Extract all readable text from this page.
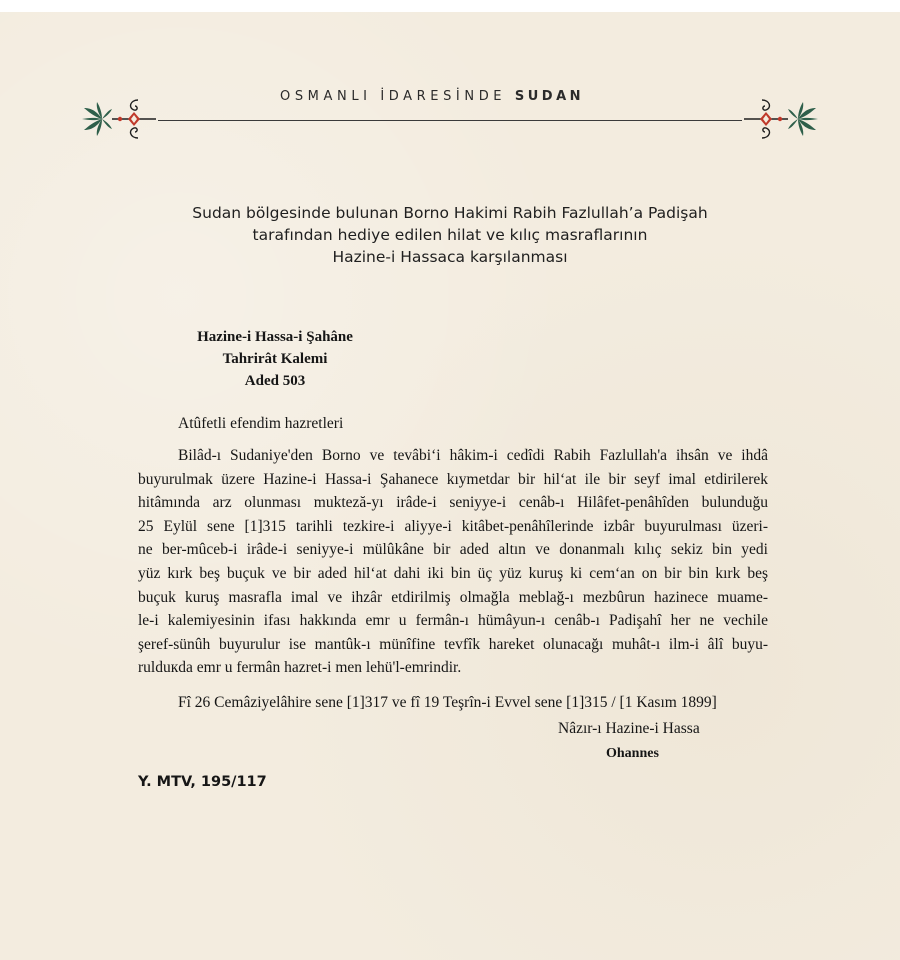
OSMANLI İDARESİNDE SUDAN
Sudan bölgesinde bulunan Borno Hakimi Rabih Fazlullah’a Padişah
tarafından hediye edilen hilat ve kılıç masraflarının
Hazine-i Hassaca karşılanması
Hazine-i Hassa-i Şahâne
Tahrirât Kalemi
Aded 503
Atûfetli efendim hazretleri
Bilâd-ı Sudaniye'den Borno ve tevâbi‘i hâkim-i cedîdi Rabih Fazlullah'a ihsân ve ihdâ
buyurulmak üzere Hazine-i Hassa-i Şahanece kıymetdar bir hil‘at ile bir seyf imal etdirilerek
hitâmında arz olunması mukteză-yı irâde-i seniyye-i cenâb-ı Hilâfet-penâhîden bulunduğu
25 Eylül sene [1]315 tarihli tezkire-i aliyye-i kitâbet-penâhîlerinde izbâr buyurulması üzeri-
ne ber-mûceb-i irâde-i seniyye-i mülûkâne bir aded altın ve donanmalı kılıç sekiz bin yedi
yüz kırk beş buçuk ve bir aded hil‘at dahi iki bin üç yüz kuruş ki cem‘an on bir bin kırk beş
buçuk kuruş masrafla imal ve ihzâr etdirilmiş olmağla meblağ-ı mezbûrun hazinece muame-
le-i kalemiyesinin ifası hakkında emr u fermân-ı hümâyun-ı cenâb-ı Padişahî her ne vechile
şeref-sünûh buyurulur ise mantûk-ı münîfine tevfîk hareket olunacağı muhât-ı ilm-i âlî buyu-
rulduкda emr u fermân hazret-i men lehü'l-emrindir.
Fî 26 Cemâziyelâhire sene [1]317 ve fî 19 Teşrîn-i Evvel sene [1]315 / [1 Kasım 1899]
Nâzır-ı Hazine-i Hassa
Ohannes
Y. MTV, 195/117
